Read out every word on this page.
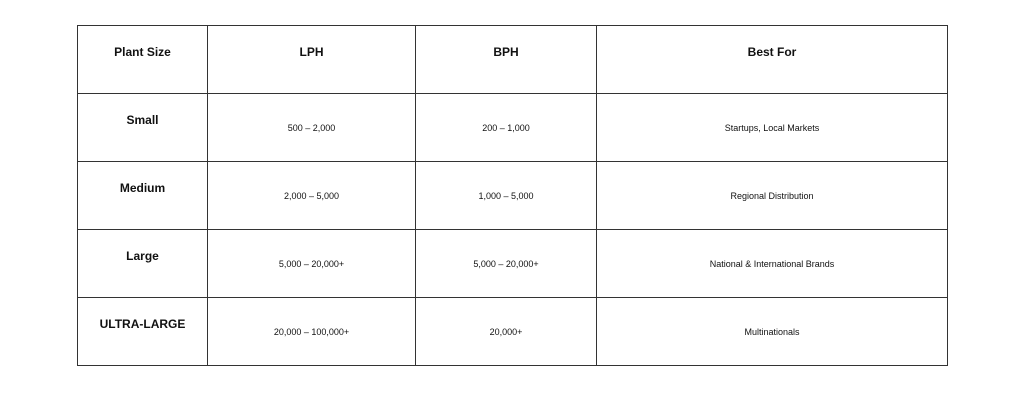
Plant Size	LPH	BPH	Best For
Small	500 – 2,000	200 – 1,000	Startups, Local Markets
Medium	2,000 – 5,000	1,000 – 5,000	Regional Distribution
Large	5,000 – 20,000+	5,000 – 20,000+	National & International Brands
ULTRA-LARGE	20,000 – 100,000+	20,000+	Multinationals
